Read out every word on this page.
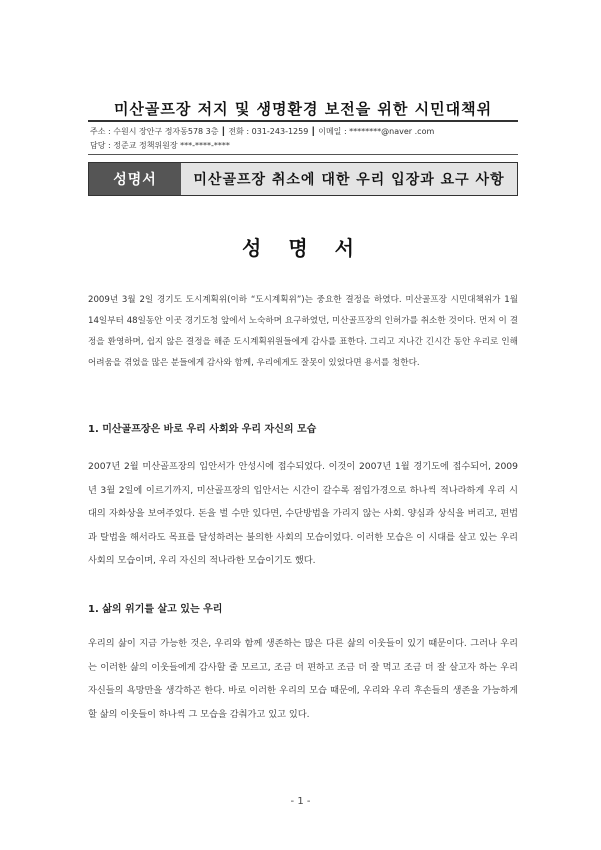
미산골프장 저지 및 생명환경 보전을 위한 시민대책위
주소 : 수원시 장안구 정자동578 3층 ┃ 전화 : 031-243-1259 ┃ 이메일 : ********@naver .com
담당 : 정준교 정책위원장 ***-****-****
성명서	미산골프장 취소에 대한 우리 입장과 요구 사항
성 명 서

2009년 3월 2일 경기도 도시계획위(이하 “도시계획위”)는 중요한 결정을 하였다. 미산골프장 시민대책위가 1월 14일부터 48일동안 이곳 경기도청 앞에서 노숙하며 요구하였던, 미산골프장의 인허가를 취소한 것이다. 먼저 이 결정을 환영하며, 쉽지 않은 결정을 해준 도시계획위원들에게 감사를 표한다. 그리고 지나간 긴시간 동안 우리로 인해 어려움을 겪었을 많은 분들에게 감사와 함께, 우리에게도 잘못이 있었다면 용서를 청한다.

1. 미산골프장은 바로 우리 사회와 우리 자신의 모습

2007년 2월 미산골프장의 입안서가 안성시에 접수되었다. 이것이 2007년 1월 경기도에 접수되어, 2009년 3월 2일에 이르기까지, 미산골프장의 입안서는 시간이 갈수록 점입가경으로 하나씩 적나라하게 우리 시대의 자화상을 보여주었다. 돈을 벌 수만 있다면, 수단방법을 가리지 않는 사회. 양심과 상식을 버리고, 편법과 탈법을 해서라도 목표를 달성하려는 불의한 사회의 모습이었다. 이러한 모습은 이 시대를 살고 있는 우리 사회의 모습이며, 우리 자신의 적나라한 모습이기도 했다.

1. 삶의 위기를 살고 있는 우리

우리의 삶이 지금 가능한 것은, 우리와 함께 생존하는 많은 다른 삶의 이웃들이 있기 때문이다. 그러나 우리는 이러한 삶의 이웃들에게 감사할 줄 모르고, 조금 더 편하고 조금 더 잘 먹고 조금 더 잘 살고자 하는 우리 자신들의 욕망만을 생각하곤 한다. 바로 이러한 우리의 모습 때문에, 우리와 우리 후손들의 생존을 가능하게 할 삶의 이웃들이 하나씩 그 모습을 감춰가고 있고 있다.

- 1 -
